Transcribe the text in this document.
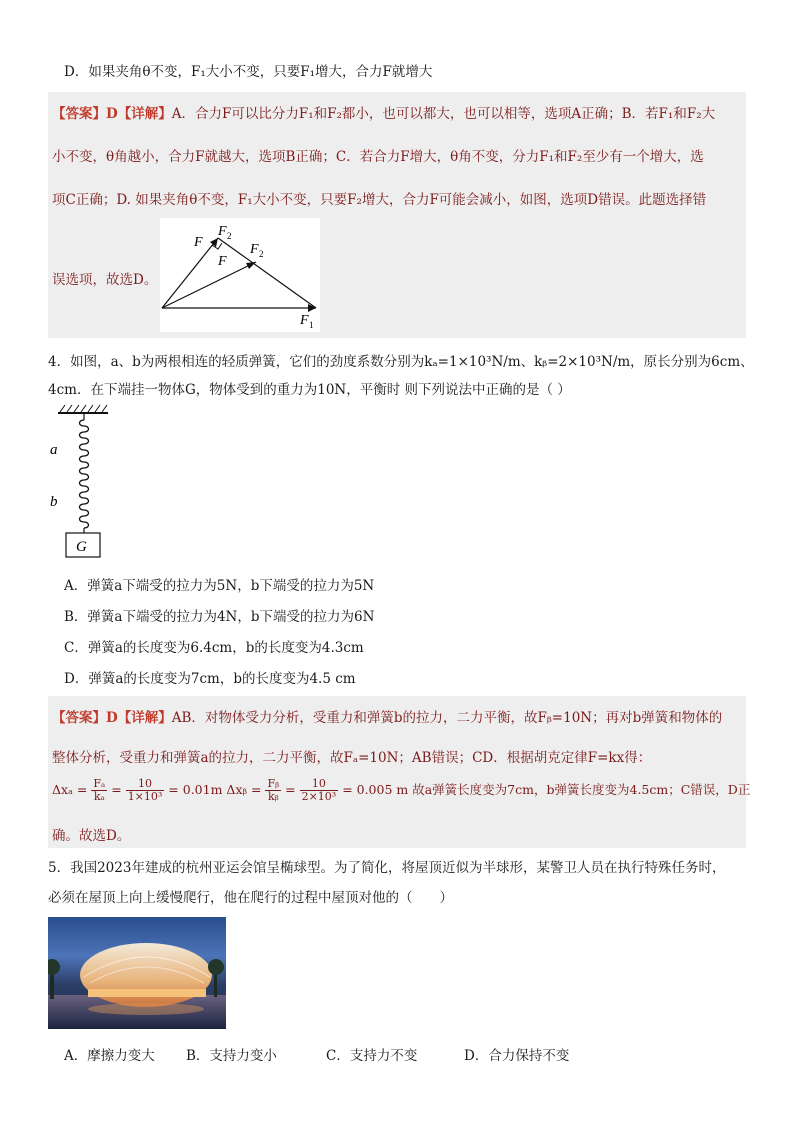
D．如果夹角θ不变，F₁大小不变，只要F₁增大，合力F就增大
【答案】D【详解】A．合力F可以比分力F₁和F₂都小，也可以都大，也可以相等，选项A正确；B．若F₁和F₂大
小不变，θ角越小，合力F就越大，选项B正确；C．若合力F增大，θ角不变，分力F₁和F₂至少有一个增大，选
项C正确；D. 如果夹角θ不变，F₁大小不变，只要F₂增大，合力F可能会减小，如图，选项D错误。此题选择错
误选项，故选D。
F
F 2
F
F 2
F 1
4．如图，a、b为两根相连的轻质弹簧，它们的劲度系数分别为kₐ=1×10³N/m、kᵦ=2×10³N/m，原长分别为6cm、
4cm．在下端挂一物体G，物体受到的重力为10N，平衡时 则下列说法中正确的是（ ）
a
b
G
A．弹簧a下端受的拉力为5N，b下端受的拉力为5N
B．弹簧a下端受的拉力为4N，b下端受的拉力为6N
C．弹簧a的长度变为6.4cm，b的长度变为4.3cm
D．弹簧a的长度变为7cm，b的长度变为4.5 cm
【答案】D【详解】AB．对物体受力分析，受重力和弹簧b的拉力，二力平衡，故Fᵦ=10N；再对b弹簧和物体的
整体分析，受重力和弹簧a的拉力，二力平衡，故Fₐ=10N；AB错误；CD．根据胡克定律F=kx得：
$\Delta x_a = \frac{\text{Fₐ}}{\text{kₐ}} = \frac{10}{\text{1×10³}} = 0.01m$ Δxᵦ = $\frac{\text{Fᵦ}}{\text{kᵦ}} = \frac{10}{\text{2×10³}} = 0.005$ m 故a弹簧长度变为7cm，b弹簧长度变为4.5cm；C错误，D正
确。故选D。
5．我国2023年建成的杭州亚运会馆呈椭球型。为了简化，将屋顶近似为半球形，某警卫人员在执行特殊任务时，
必须在屋顶上向上缓慢爬行，他在爬行的过程中屋顶对他的（　　）
A．摩擦力变大 B．支持力变小	C．支持力不变	D．合力保持不变
